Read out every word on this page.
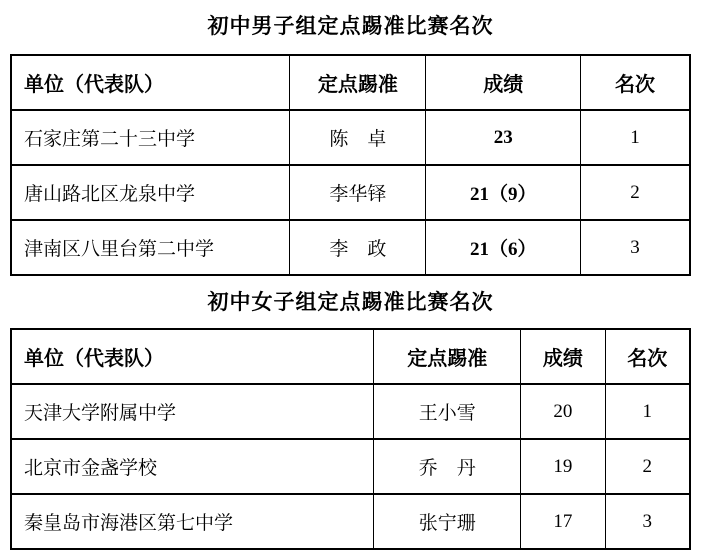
初中男子组定点踢准比赛名次
单位（代表队）	定点踢准	成绩	名次
石家庄第二十三中学	陈　卓	23	1
唐山路北区龙泉中学	李华铎	21（9）	2
津南区八里台第二中学	李　政	21（6）	3
初中女子组定点踢准比赛名次
单位（代表队）	定点踢准	成绩	名次
天津大学附属中学	王小雪	20	1
北京市金盏学校	乔　丹	19	2
秦皇岛市海港区第七中学	张宁珊	17	3
